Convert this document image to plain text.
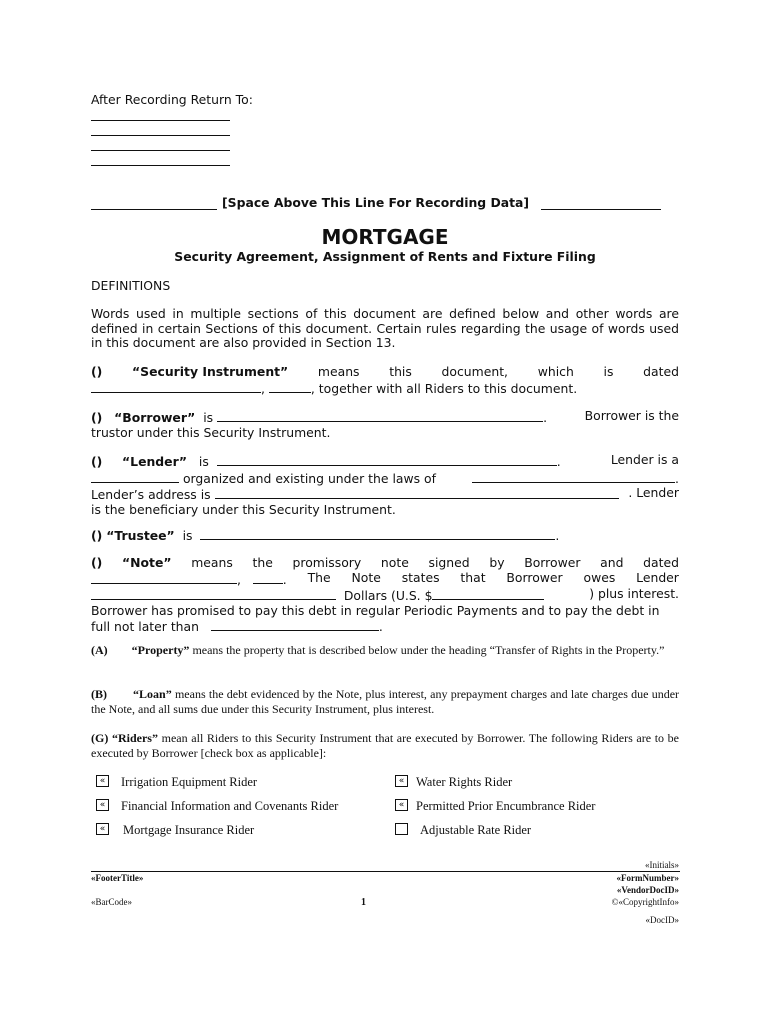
After Recording Return To:
[Space Above This Line For Recording Data]
MORTGAGE
Security Agreement, Assignment of Rents and Fixture Filing
DEFINITIONS
Words used in multiple sections of this document are defined below and other words are defined in certain Sections of this document. Certain rules regarding the usage of words used in this document are also provided in Section 13.
() “Security Instrument” means this document, which is dated
,	, together with all Riders to this document.
() “Borrower” is	.	Borrower is the
trustor under this Security Instrument.
() “Lender” is	.	Lender is a
organized and existing under the laws of	.
Lender’s address is	. Lender
is the beneficiary under this Security Instrument.
() “Trustee” is	.
() “Note” means the promissory note signed by Borrower and dated
,   . The Note states that Borrower owes Lender
Dollars (U.S. $	) plus interest.
Borrower has promised to pay this debt in regular Periodic Payments and to pay the debt in
full not later than	.
(A) “Property” means the property that is described below under the heading “Transfer of Rights in the Property.”
(B) “Loan” means the debt evidenced by the Note, plus interest, any prepayment charges and late charges due under the Note, and all sums due under this Security Instrument, plus interest.
(G) “Riders” mean all Riders to this Security Instrument that are executed by Borrower. The following Riders are to be executed by Borrower [check box as applicable]:
«	Irrigation Equipment Rider	« Water Rights Rider
«	Financial Information and Covenants Rider	« Permitted Prior Encumbrance Rider
«	Mortgage Insurance Rider	Adjustable Rate Rider
«Initials»
«FooterTitle»	«FormNumber»
«VendorDocID»
«BarCode»	1	©«CopyrightInfo»
«DocID»
